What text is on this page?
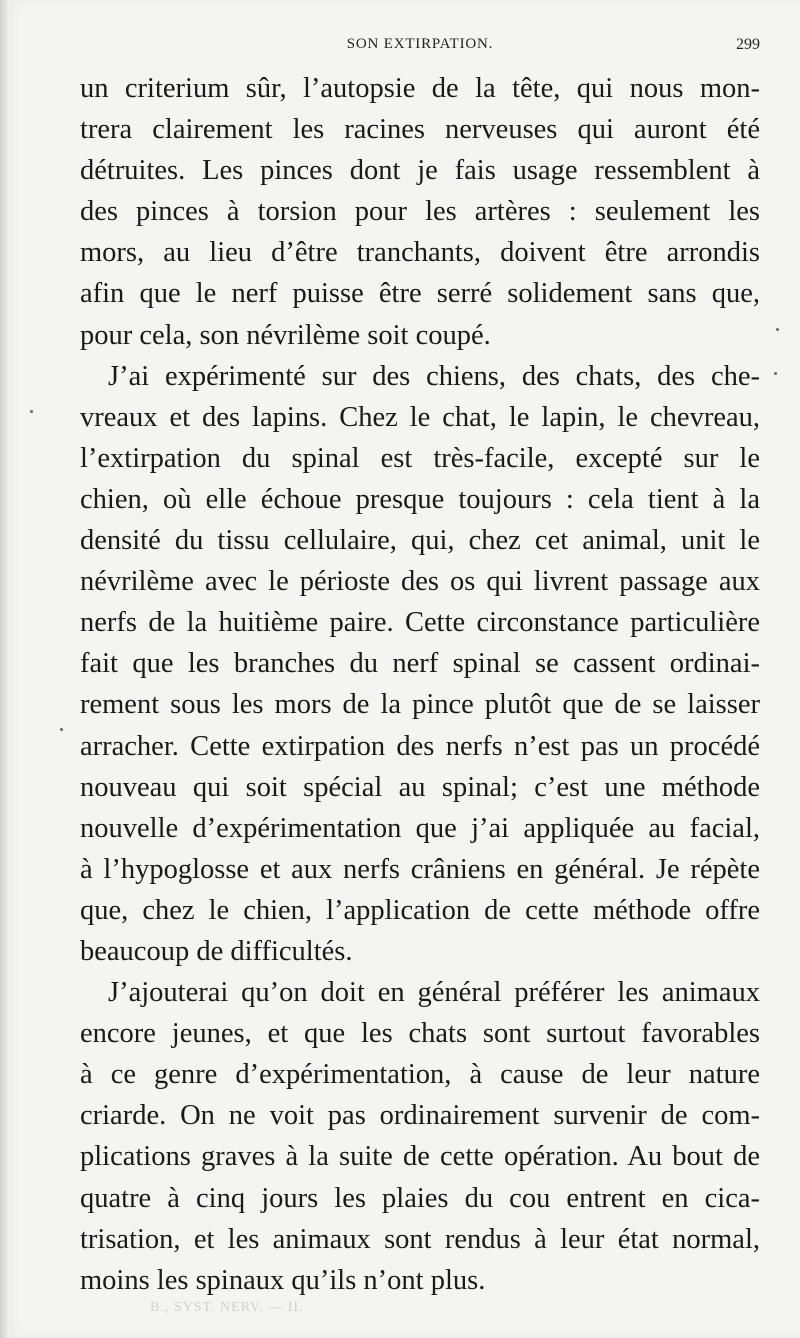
SON EXTIRPATION.	299
un criterium sûr, l’autopsie de la tête, qui nous mon-
trera clairement les racines nerveuses qui auront été
détruites. Les pinces dont je fais usage ressemblent à
des pinces à torsion pour les artères : seulement les
mors, au lieu d’être tranchants, doivent être arrondis
afin que le nerf puisse être serré solidement sans que,
pour cela, son névrilème soit coupé.
J’ai expérimenté sur des chiens, des chats, des che-
vreaux et des lapins. Chez le chat, le lapin, le chevreau,
l’extirpation du spinal est très-facile, excepté sur le
chien, où elle échoue presque toujours : cela tient à la
densité du tissu cellulaire, qui, chez cet animal, unit le
névrilème avec le périoste des os qui livrent passage aux
nerfs de la huitième paire. Cette circonstance particulière
fait que les branches du nerf spinal se cassent ordinai-
rement sous les mors de la pince plutôt que de se laisser
arracher. Cette extirpation des nerfs n’est pas un procédé
nouveau qui soit spécial au spinal; c’est une méthode
nouvelle d’expérimentation que j’ai appliquée au facial,
à l’hypoglosse et aux nerfs crâniens en général. Je répète
que, chez le chien, l’application de cette méthode offre
beaucoup de difficultés.
J’ajouterai qu’on doit en général préférer les animaux
encore jeunes, et que les chats sont surtout favorables
à ce genre d’expérimentation, à cause de leur nature
criarde. On ne voit pas ordinairement survenir de com-
plications graves à la suite de cette opération. Au bout de
quatre à cinq jours les plaies du cou entrent en cica-
trisation, et les animaux sont rendus à leur état normal,
moins les spinaux qu’ils n’ont plus.
B., SYST. NERV. — II.
